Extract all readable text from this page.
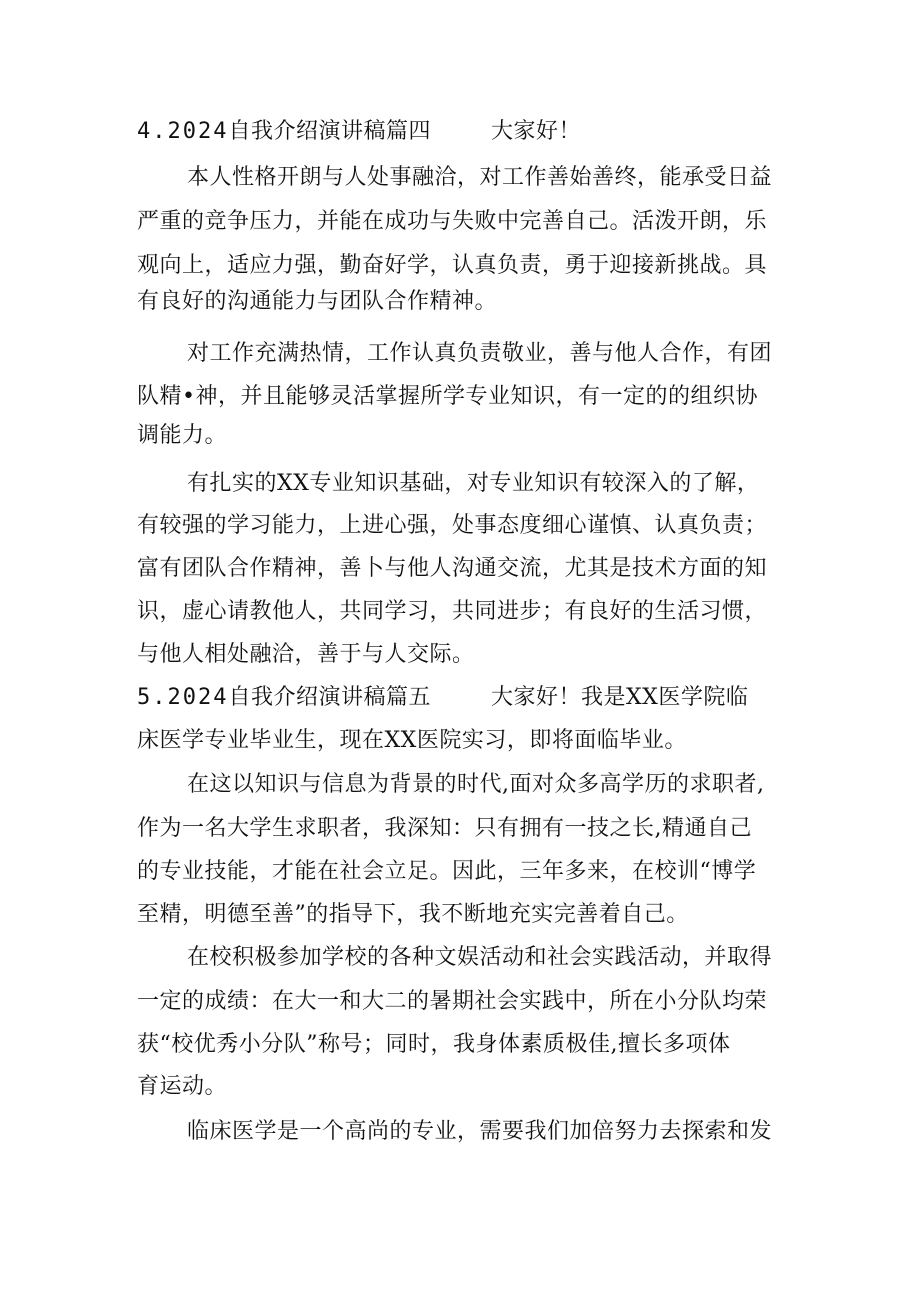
4.2024自我介绍演讲稿篇四	大家好！
本人性格开朗与人处事融洽，对工作善始善终，能承受日益
严重的竞争压力，并能在成功与失败中完善自己。活泼开朗，乐
观向上，适应力强，勤奋好学，认真负责，勇于迎接新挑战。具
有良好的沟通能力与团队合作精神。
对工作充满热情，工作认真负责敬业，善与他人合作，有团
队精•神，并且能够灵活掌握所学专业知识，有一定的的组织协
调能力。
有扎实的XX专业知识基础，对专业知识有较深入的了解，
有较强的学习能力，上进心强，处事态度细心谨慎、认真负责；
富有团队合作精神，善卜与他人沟通交流，尤其是技术方面的知
识，虚心请教他人，共同学习，共同进步；有良好的生活习惯，
与他人相处融洽，善于与人交际。
5.2024自我介绍演讲稿篇五	大家好！我是XX医学院临
床医学专业毕业生，现在XX医院实习，即将面临毕业。
在这以知识与信息为背景的时代,面对众多高学历的求职者,
作为一名大学生求职者，我深知：只有拥有一技之长,精通自己
的专业技能，才能在社会立足。因此，三年多来，在校训“博学
至精，明德至善”的指导下，我不断地充实完善着自己。
在校积极参加学校的各种文娱活动和社会实践活动，并取得
一定的成绩：在大一和大二的暑期社会实践中，所在小分队均荣
获“校优秀小分队”称号；同时，我身体素质极佳,擅长多项体
育运动。
临床医学是一个高尚的专业，需要我们加倍努力去探索和发
